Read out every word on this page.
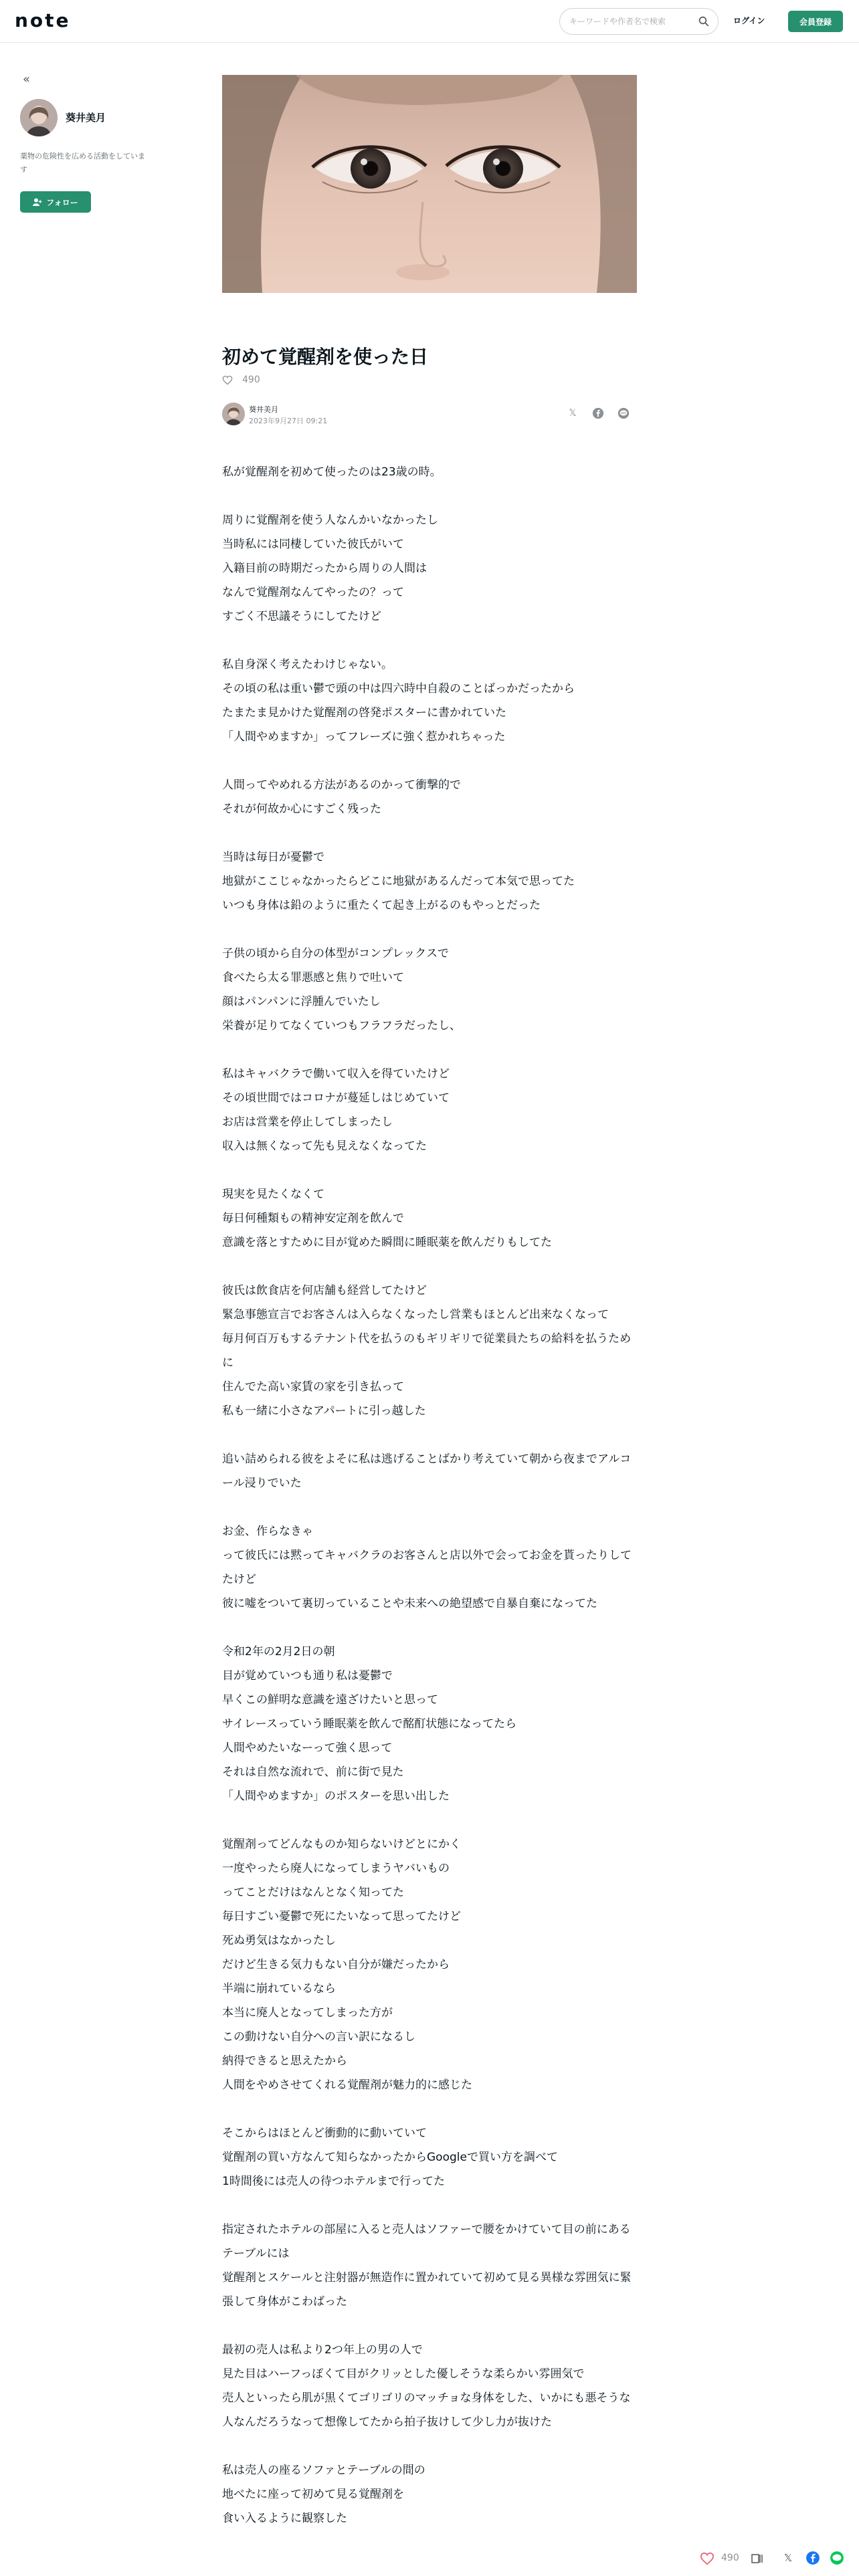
note
キーワードや作者名で検索	ログイン	会員登録
«
葵井美月
薬物の危険性を広める活動をしています
フォロー
初めて覚醒剤を使った日
490
葵井美月
2023年9月27日 09:21
𝕏
私が覚醒剤を初めて使ったのは23歳の時。
周りに覚醒剤を使う人なんかいなかったし
当時私には同棲していた彼氏がいて
入籍目前の時期だったから周りの人間は
なんで覚醒剤なんてやったの？って
すごく不思議そうにしてたけど
私自身深く考えたわけじゃない。
その頃の私は重い鬱で頭の中は四六時中自殺のことばっかだったから
たまたま見かけた覚醒剤の啓発ポスターに書かれていた
「人間やめますか」ってフレーズに強く惹かれちゃった
人間ってやめれる方法があるのかって衝撃的で
それが何故か心にすごく残った
当時は毎日が憂鬱で
地獄がここじゃなかったらどこに地獄があるんだって本気で思ってた
いつも身体は鉛のように重たくて起き上がるのもやっとだった
子供の頃から自分の体型がコンプレックスで
食べたら太る罪悪感と焦りで吐いて
顔はパンパンに浮腫んでいたし
栄養が足りてなくていつもフラフラだったし、
私はキャバクラで働いて収入を得ていたけど
その頃世間ではコロナが蔓延しはじめていて
お店は営業を停止してしまったし
収入は無くなって先も見えなくなってた
現実を見たくなくて
毎日何種類もの精神安定剤を飲んで
意識を落とすために目が覚めた瞬間に睡眠薬を飲んだりもしてた
彼氏は飲食店を何店舗も経営してたけど
緊急事態宣言でお客さんは入らなくなったし営業もほとんど出来なくなって
毎月何百万もするテナント代を払うのもギリギリで従業員たちの給料を払うために
住んでた高い家賃の家を引き払って
私も一緒に小さなアパートに引っ越した
追い詰められる彼をよそに私は逃げることばかり考えていて朝から夜までアルコール浸りでいた
お金、作らなきゃ
って彼氏には黙ってキャバクラのお客さんと店以外で会ってお金を貰ったりしてたけど
彼に嘘をついて裏切っていることや未来への絶望感で自暴自棄になってた
令和2年の2月2日の朝
目が覚めていつも通り私は憂鬱で
早くこの鮮明な意識を遠ざけたいと思って
サイレースっていう睡眠薬を飲んで酩酊状態になってたら
人間やめたいなーって強く思って
それは自然な流れで、前に街で見た
「人間やめますか」のポスターを思い出した
覚醒剤ってどんなものか知らないけどとにかく
一度やったら廃人になってしまうヤバいもの
ってことだけはなんとなく知ってた
毎日すごい憂鬱で死にたいなって思ってたけど
死ぬ勇気はなかったし
だけど生きる気力もない自分が嫌だったから
半端に崩れているなら
本当に廃人となってしまった方が
この動けない自分への言い訳になるし
納得できると思えたから
人間をやめさせてくれる覚醒剤が魅力的に感じた
そこからはほとんど衝動的に動いていて
覚醒剤の買い方なんて知らなかったからGoogleで買い方を調べて
1時間後には売人の待つホテルまで行ってた
指定されたホテルの部屋に入ると売人はソファーで腰をかけていて目の前にあるテーブルには
覚醒剤とスケールと注射器が無造作に置かれていて初めて見る異様な雰囲気に緊張して身体がこわばった
最初の売人は私より2つ年上の男の人で
見た目はハーフっぽくて目がクリッとした優しそうな柔らかい雰囲気で
売人といったら肌が黒くてゴリゴリのマッチョな身体をした、いかにも悪そうな人なんだろうなって想像してたから拍子抜けして少し力が抜けた
私は売人の座るソファとテーブルの間の
地べたに座って初めて見る覚醒剤を
食い入るように観察した
490	𝕏
